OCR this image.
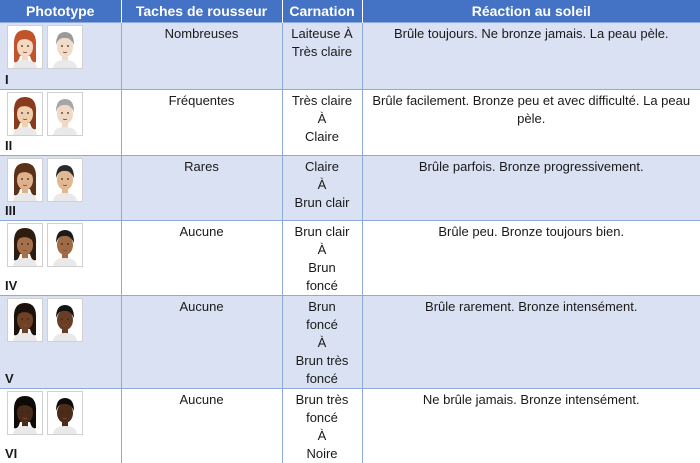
Phototype	Taches de rousseur	Carnation	Réaction au soleil

I	Nombreuses	Laiteuse À
Très claire	Brûle toujours. Ne bronze jamais. La peau pèle.

II	Fréquentes	Très claire
À
Claire	Brûle facilement. Bronze peu et avec difficulté. La peau pèle.

III	Rares	Claire
À
Brun clair	Brûle parfois. Bronze progressivement.

IV	Aucune	Brun clair
À
Brun
foncé	Brûle peu. Bronze toujours bien.

V	Aucune	Brun
foncé
À
Brun très
foncé	Brûle rarement. Bronze intensément.

VI	Aucune	Brun très
foncé
À
Noire	Ne brûle jamais. Bronze intensément.
